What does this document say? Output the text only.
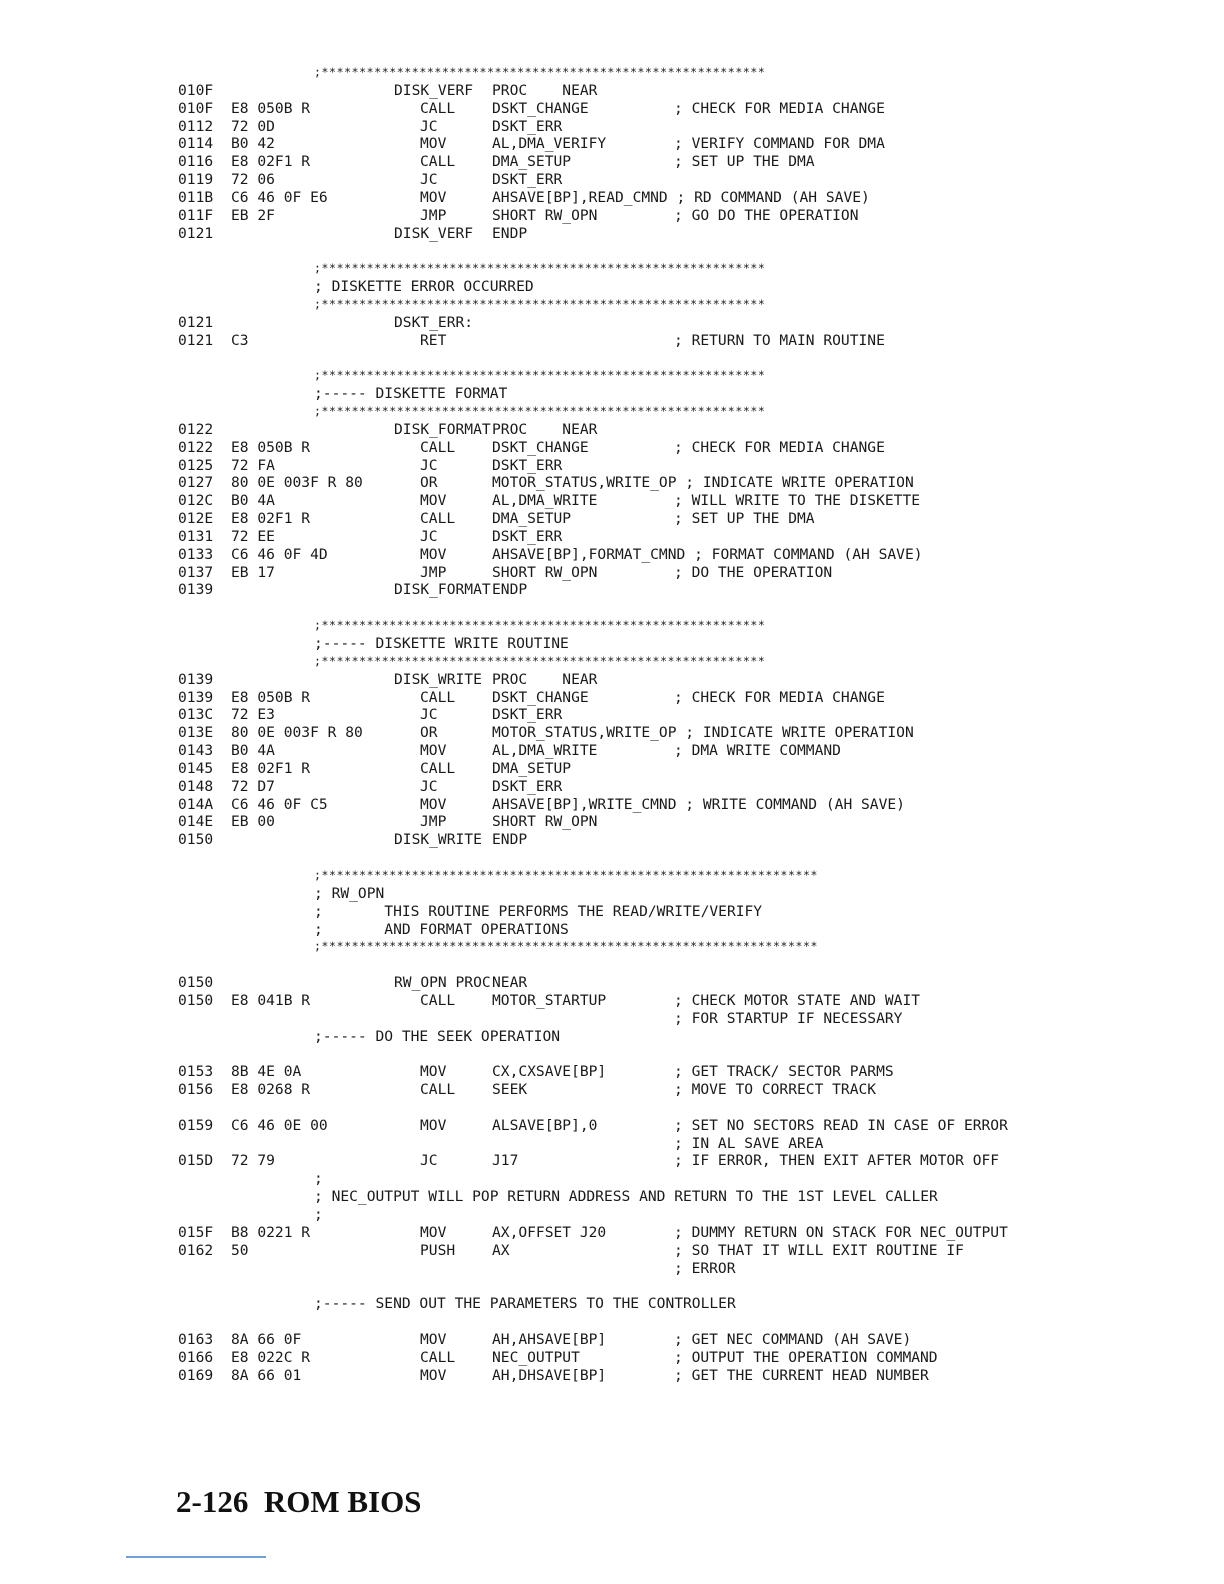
;***********************************************************
010F	DISK_VERF PROC    NEAR
010F E8 050B R	CALL	DSKT_CHANGE	; CHECK FOR MEDIA CHANGE
0112 72 0D	JC	DSKT_ERR
0114 B0 42	MOV	AL,DMA_VERIFY	; VERIFY COMMAND FOR DMA
0116 E8 02F1 R	CALL	DMA_SETUP	; SET UP THE DMA
0119 72 06	JC	DSKT_ERR
011B C6 46 0F E6	MOV	AHSAVE[BP],READ_CMND ; RD COMMAND (AH SAVE)
011F EB 2F	JMP	SHORT RW_OPN	; GO DO THE OPERATION
0121	DISK_VERF ENDP
;***********************************************************
; DISKETTE ERROR OCCURRED
;***********************************************************
0121	DSKT_ERR:
0121 C3	RET	; RETURN TO MAIN ROUTINE
;***********************************************************
;----- DISKETTE FORMAT
;***********************************************************
0122	DISK_FORMAT PROC    NEAR
0122 E8 050B R	CALL	DSKT_CHANGE	; CHECK FOR MEDIA CHANGE
0125 72 FA	JC	DSKT_ERR
0127 80 0E 003F R 80	OR	MOTOR_STATUS,WRITE_OP ; INDICATE WRITE OPERATION
012C B0 4A	MOV	AL,DMA_WRITE	; WILL WRITE TO THE DISKETTE
012E E8 02F1 R	CALL	DMA_SETUP	; SET UP THE DMA
0131 72 EE	JC	DSKT_ERR
0133 C6 46 0F 4D	MOV	AHSAVE[BP],FORMAT_CMND ; FORMAT COMMAND (AH SAVE)
0137 EB 17	JMP	SHORT RW_OPN	; DO THE OPERATION
0139	DISK_FORMAT ENDP
;***********************************************************
;----- DISKETTE WRITE ROUTINE
;***********************************************************
0139	DISK_WRITE PROC    NEAR
0139 E8 050B R	CALL	DSKT_CHANGE	; CHECK FOR MEDIA CHANGE
013C 72 E3	JC	DSKT_ERR
013E 80 0E 003F R 80	OR	MOTOR_STATUS,WRITE_OP ; INDICATE WRITE OPERATION
0143 B0 4A	MOV	AL,DMA_WRITE	; DMA WRITE COMMAND
0145 E8 02F1 R	CALL	DMA_SETUP
0148 72 D7	JC	DSKT_ERR
014A C6 46 0F C5	MOV	AHSAVE[BP],WRITE_CMND ; WRITE COMMAND (AH SAVE)
014E EB 00	JMP	SHORT RW_OPN
0150	DISK_WRITE ENDP
;******************************************************************
; RW_OPN
;       THIS ROUTINE PERFORMS THE READ/WRITE/VERIFY
;       AND FORMAT OPERATIONS
;******************************************************************
0150	RW_OPN PROC NEAR
0150 E8 041B R	CALL	MOTOR_STARTUP	; CHECK MOTOR STATE AND WAIT
; FOR STARTUP IF NECESSARY
;----- DO THE SEEK OPERATION
0153 8B 4E 0A	MOV	CX,CXSAVE[BP]	; GET TRACK/ SECTOR PARMS
0156 E8 0268 R	CALL	SEEK	; MOVE TO CORRECT TRACK
0159 C6 46 0E 00	MOV	ALSAVE[BP],0	; SET NO SECTORS READ IN CASE OF ERROR
; IN AL SAVE AREA
015D 72 79	JC	J17	; IF ERROR, THEN EXIT AFTER MOTOR OFF
;
; NEC_OUTPUT WILL POP RETURN ADDRESS AND RETURN TO THE 1ST LEVEL CALLER
;
015F B8 0221 R	MOV	AX,OFFSET J20	; DUMMY RETURN ON STACK FOR NEC_OUTPUT
0162 50	PUSH	AX	; SO THAT IT WILL EXIT ROUTINE IF
; ERROR
;----- SEND OUT THE PARAMETERS TO THE CONTROLLER
0163 8A 66 0F	MOV	AH,AHSAVE[BP]	; GET NEC COMMAND (AH SAVE)
0166 E8 022C R	CALL	NEC_OUTPUT	; OUTPUT THE OPERATION COMMAND
0169 8A 66 01	MOV	AH,DHSAVE[BP]	; GET THE CURRENT HEAD NUMBER
2-126  ROM BIOS
